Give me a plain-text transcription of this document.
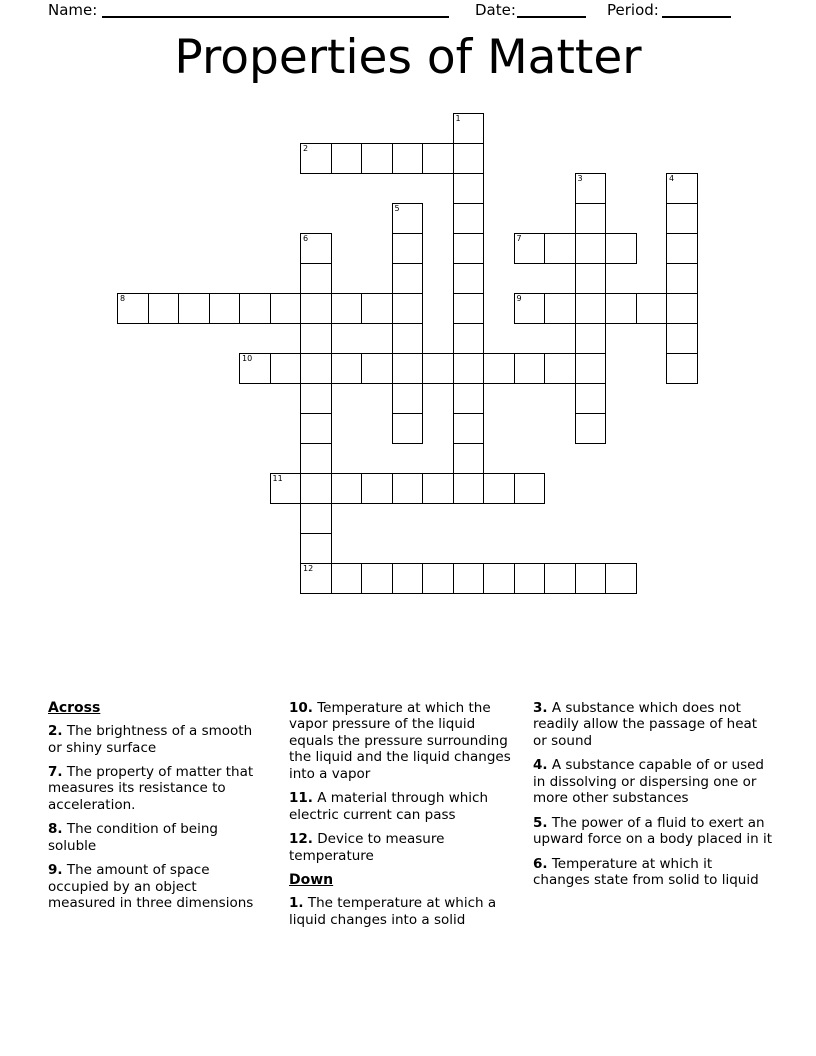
Name:	Date:	Period:
Properties of Matter
1
2
3	4
5
6
12
7
8	9
10
11
Across
2. The brightness of a smooth or shiny surface
7. The property of matter that measures its resistance to acceleration.
8. The condition of being soluble
9. The amount of space occupied by an object measured in three dimensions
10. Temperature at which the vapor pressure of the liquid equals the pressure surrounding the liquid and the liquid changes into a vapor
11. A material through which electric current can pass
12. Device to measure temperature
Down
1. The temperature at which a liquid changes into a solid
3. A substance which does not readily allow the passage of heat or sound
4. A substance capable of or used in dissolving or dispersing one or more other substances
5. The power of a fluid to exert an upward force on a body placed in it
6. Temperature at which it changes state from solid to liquid
